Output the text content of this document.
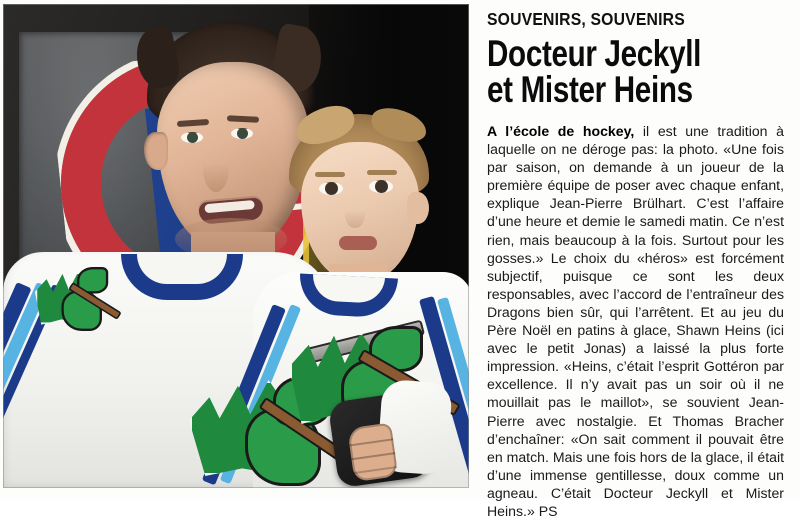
SOUVENIRS, SOUVENIRS

Docteur Jeckyll
et Mister Heins

A l’école de hockey, il est une tradition à laquelle on ne déroge pas: la photo. «Une fois par saison, on demande à un joueur de la première équipe de poser avec chaque enfant, explique Jean-Pierre Brülhart. C’est l’affaire d’une heure et demie le samedi matin. Ce n’est rien, mais beaucoup à la fois. Surtout pour les gosses.» Le choix du «héros» est forcément subjectif, puisque ce sont les deux responsables, avec l’accord de l’entraîneur des Dragons bien sûr, qui l’arrêtent. Et au jeu du Père Noël en patins à glace, Shawn Heins (ici avec le petit Jonas) a laissé la plus forte impression. «Heins, c’était l’esprit Gottéron par excellence. Il n’y avait pas un soir où il ne mouillait pas le maillot», se souvient Jean-Pierre avec nostalgie. Et Thomas Bracher d’enchaîner: «On sait comment il pouvait être en match. Mais une fois hors de la glace, il était d’une immense gentillesse, doux comme un agneau. C’était Docteur Jeckyll et Mister Heins.» PS
